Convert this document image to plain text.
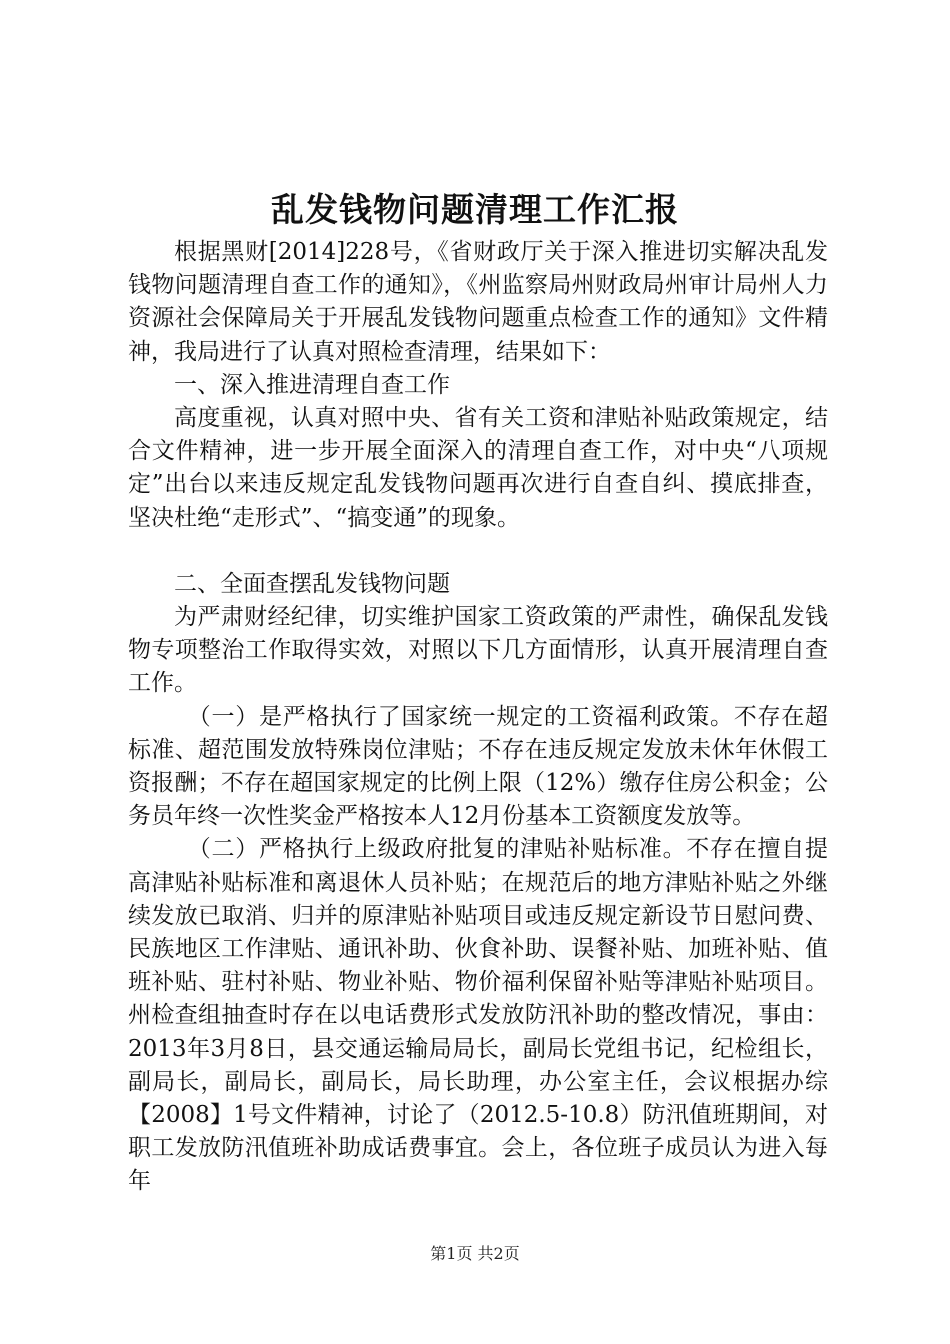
乱发钱物问题清理工作汇报

根据黑财[2014]228号，《省财政厅关于深入推进切实解决乱发钱物问题清理自查工作的通知》，《州监察局州财政局州审计局州人力资源社会保障局关于开展乱发钱物问题重点检查工作的通知》文件精神，我局进行了认真对照检查清理，结果如下：

一、深入推进清理自查工作

高度重视，认真对照中央、省有关工资和津贴补贴政策规定，结合文件精神，进一步开展全面深入的清理自查工作，对中央“八项规定”出台以来违反规定乱发钱物问题再次进行自查自纠、摸底排查，坚决杜绝“走形式”、“搞变通”的现象。

二、全面查摆乱发钱物问题

为严肃财经纪律，切实维护国家工资政策的严肃性，确保乱发钱物专项整治工作取得实效，对照以下几方面情形，认真开展清理自查工作。

（一）是严格执行了国家统一规定的工资福利政策。不存在超标准、超范围发放特殊岗位津贴；不存在违反规定发放未休年休假工资报酬；不存在超国家规定的比例上限（12%）缴存住房公积金；公务员年终一次性奖金严格按本人12月份基本工资额度发放等。

（二）严格执行上级政府批复的津贴补贴标准。不存在擅自提高津贴补贴标准和离退休人员补贴；在规范后的地方津贴补贴之外继续发放已取消、归并的原津贴补贴项目或违反规定新设节日慰问费、民族地区工作津贴、通讯补助、伙食补助、误餐补贴、加班补贴、值班补贴、驻村补贴、物业补贴、物价福利保留补贴等津贴补贴项目。州检查组抽查时存在以电话费形式发放防汛补助的整改情况，事由：2013年3月8日，县交通运输局局长，副局长党组书记，纪检组长，副局长，副局长，副局长，局长助理，办公室主任，会议根据办综【2008】1号文件精神，讨论了（2012.5-10.8）防汛值班期间，对职工发放防汛值班补助成话费事宜。会上，各位班子成员认为进入每年

第1页 共2页
